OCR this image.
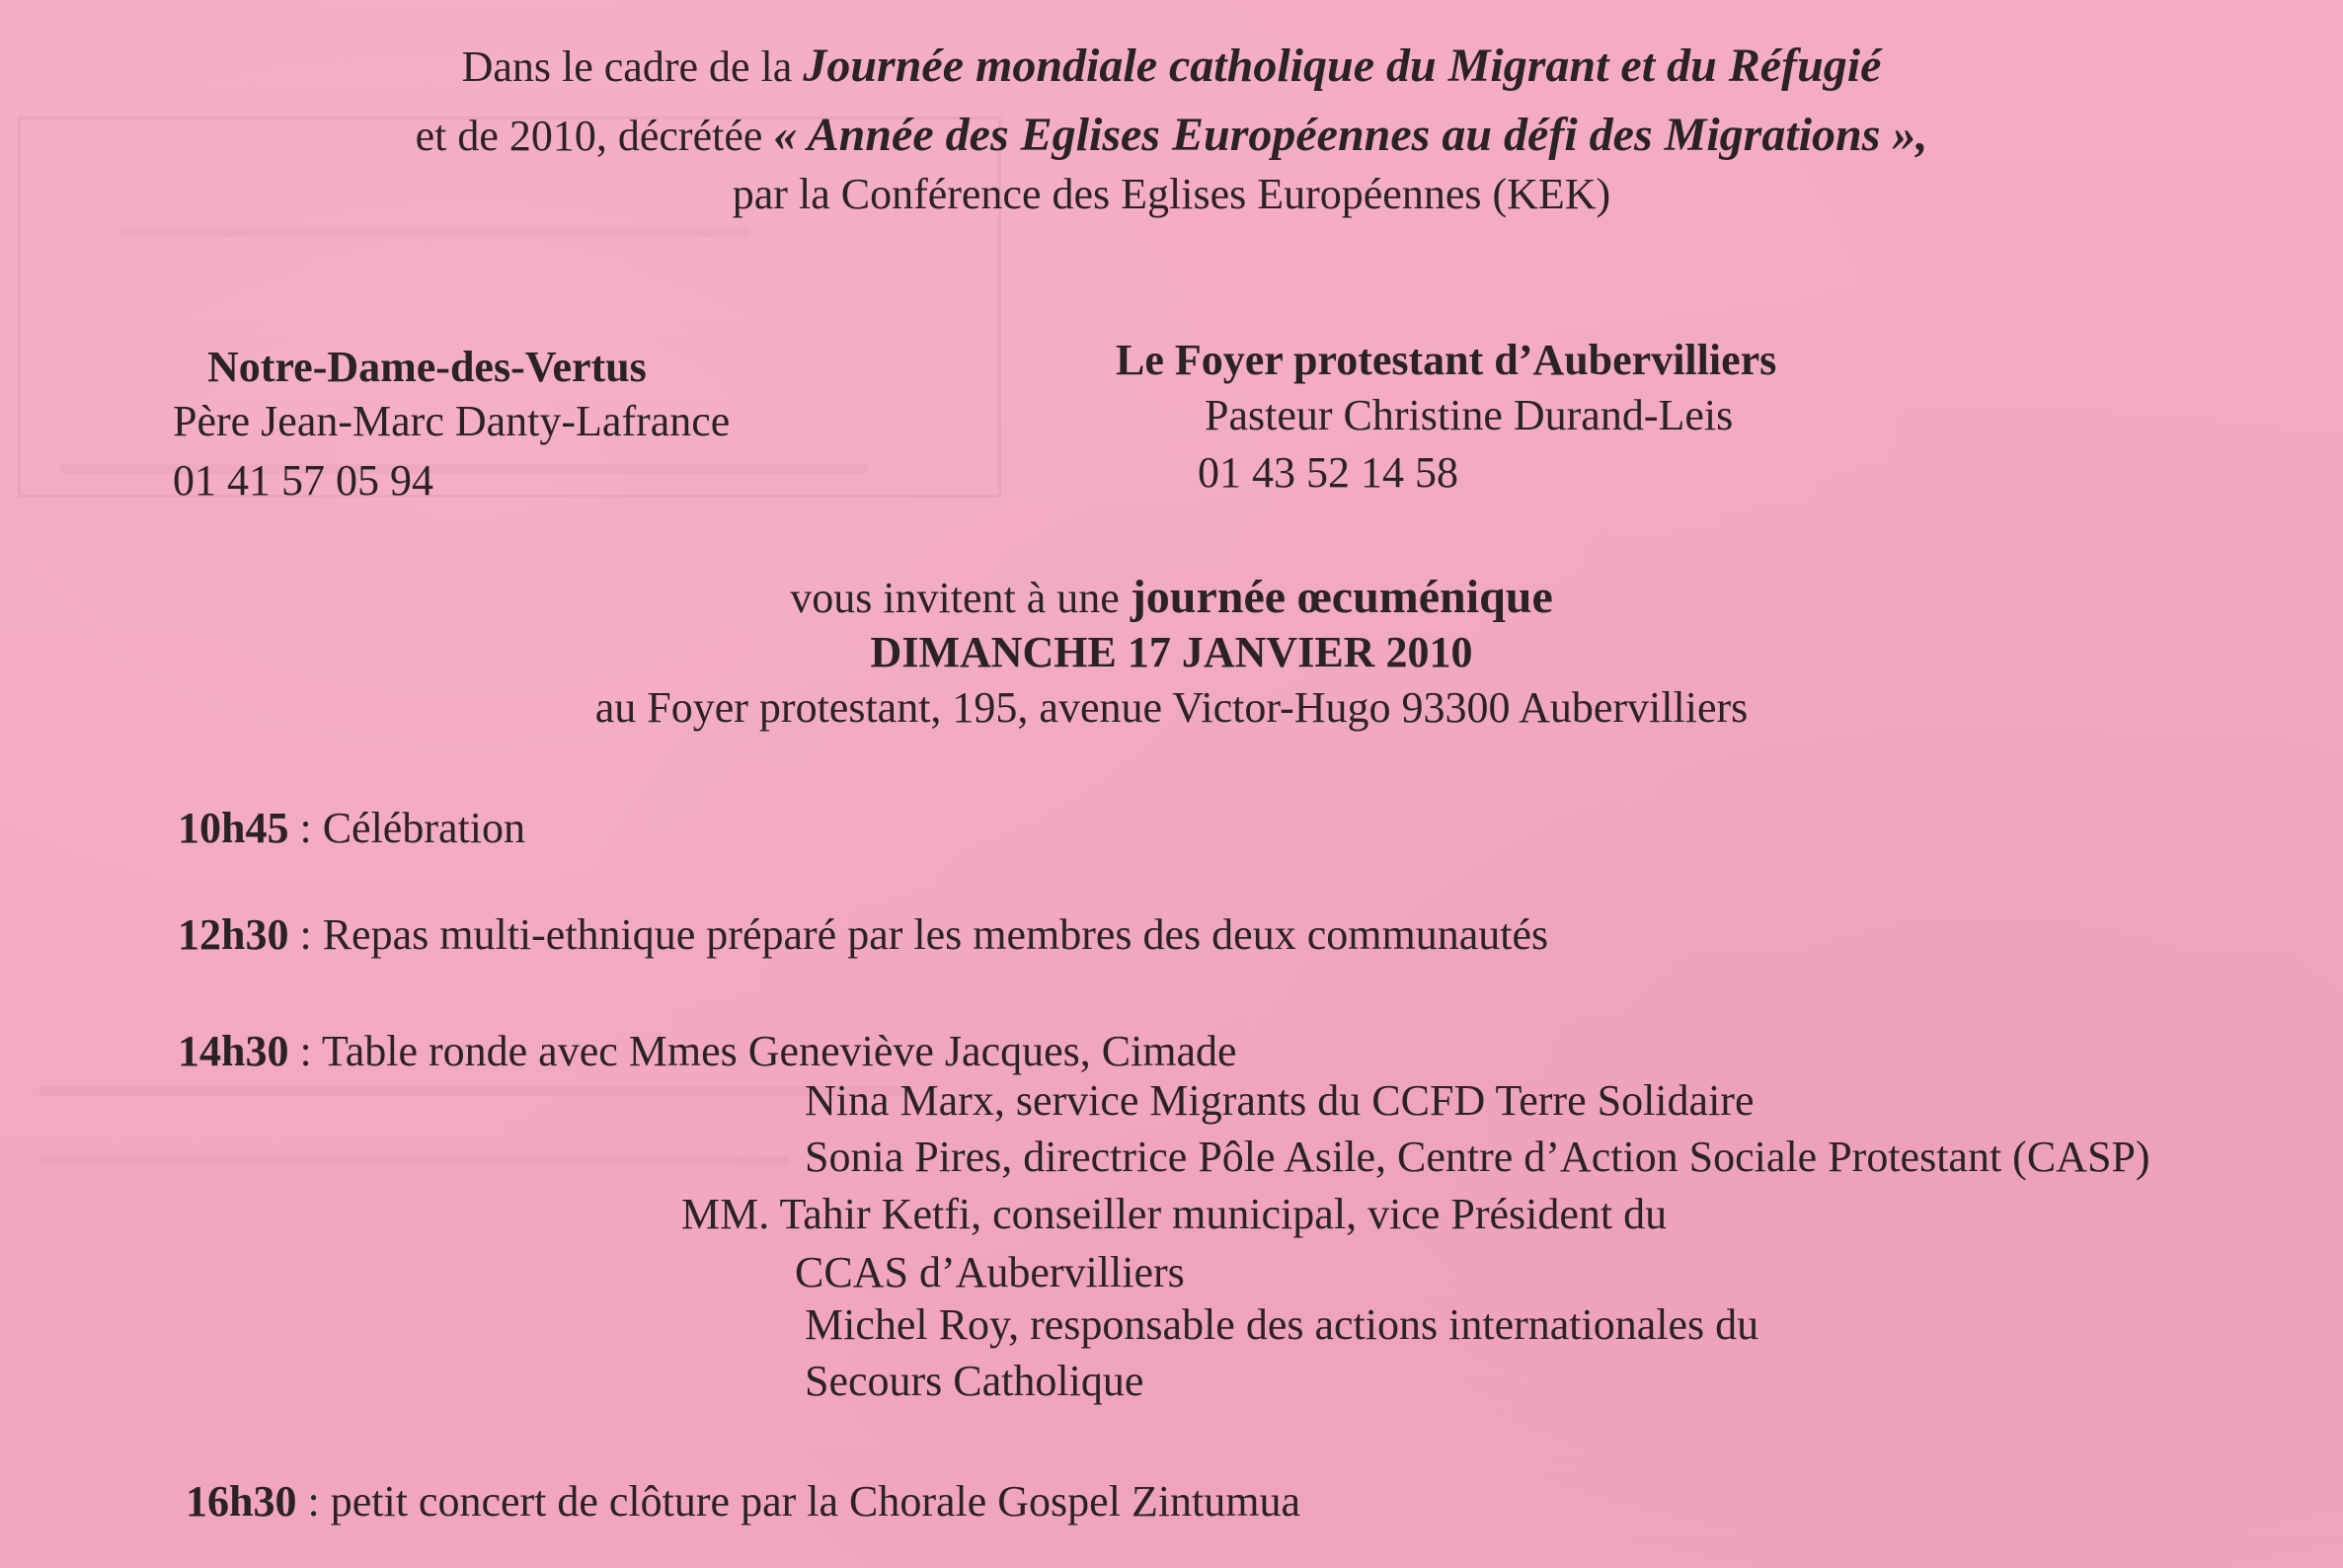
Dans le cadre de la Journée mondiale catholique du Migrant et du Réfugié
et de 2010, décrétée « Année des Eglises Européennes au défi des Migrations »,
par la Conférence des Eglises Européennes (KEK)
Notre-Dame-des-Vertus
Père Jean-Marc Danty-Lafrance
01 41 57 05 94
Le Foyer protestant d’Aubervilliers
Pasteur Christine Durand-Leis
01 43 52 14 58
vous invitent à une journée œcuménique
DIMANCHE 17 JANVIER 2010
au Foyer protestant, 195, avenue Victor-Hugo 93300 Aubervilliers
10h45 : Célébration
12h30 : Repas multi-ethnique préparé par les membres des deux communautés
14h30 : Table ronde avec Mmes Geneviève Jacques, Cimade
Nina Marx, service Migrants du CCFD Terre Solidaire
Sonia Pires, directrice Pôle Asile, Centre d’Action Sociale Protestant (CASP)
MM. Tahir Ketfi, conseiller municipal, vice Président du
CCAS d’Aubervilliers
Michel Roy, responsable des actions internationales du
Secours Catholique
16h30 : petit concert de clôture par la Chorale Gospel Zintumua
